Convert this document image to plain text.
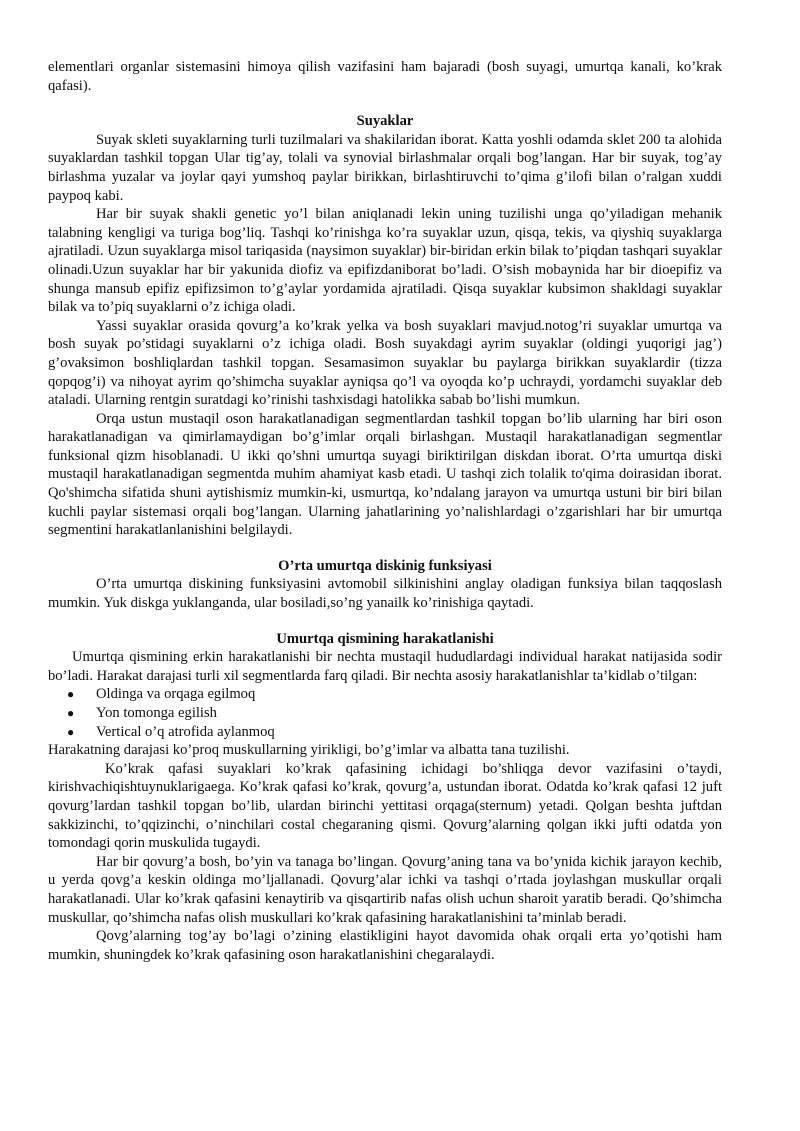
elementlari organlar sistemasini himoya qilish vazifasini ham bajaradi (bosh suyagi, umurtqa kanali, ko’krak qafasi).

Suyaklar

Suyak skleti suyaklarning turli tuzilmalari va shakilaridan iborat. Katta yoshli odamda sklet 200 ta alohida suyaklardan tashkil topgan Ular tig’ay, tolali va synovial birlashmalar orqali bog’langan. Har bir suyak, tog’ay birlashma yuzalar va joylar qayi yumshoq paylar birikkan, birlashtiruvchi to’qima g’ilofi bilan o’ralgan xuddi paypoq kabi.

Har bir suyak shakli genetic yo’l bilan aniqlanadi lekin uning tuzilishi unga qo’yiladigan mehanik talabning kengligi va turiga bog’liq. Tashqi ko’rinishga ko’ra suyaklar uzun, qisqa, tekis, va qiyshiq suyaklarga ajratiladi. Uzun suyaklarga misol tariqasida (naysimon suyaklar) bir-biridan erkin bilak to’piqdan tashqari suyaklar olinadi.Uzun suyaklar har bir yakunida diofiz va epifizdaniborat bo’ladi. O’sish mobaynida har bir dioepifiz va shunga mansub epifiz epifizsimon to’g’aylar yordamida ajratiladi. Qisqa suyaklar kubsimon shakldagi suyaklar bilak va to’piq suyaklarni o’z ichiga oladi.

Yassi suyaklar orasida qovurg’a ko’krak yelka va bosh suyaklari mavjud.notog’ri suyaklar umurtqa va bosh suyak po’stidagi suyaklarni o’z ichiga oladi. Bosh suyakdagi ayrim suyaklar (oldingi yuqorigi jag’) g’ovaksimon boshliqlardan tashkil topgan. Sesamasimon suyaklar bu paylarga birikkan suyaklardir (tizza qopqog’i) va nihoyat ayrim qo’shimcha suyaklar ayniqsa qo’l va oyoqda ko’p uchraydi, yordamchi suyaklar deb ataladi. Ularning rentgin suratdagi ko’rinishi tashxisdagi hatolikka sabab bo’lishi mumkun.

Orqa ustun mustaqil oson harakatlanadigan segmentlardan tashkil topgan bo’lib ularning har biri oson harakatlanadigan va qimirlamaydigan bo’g’imlar orqali birlashgan. Mustaqil harakatlanadigan segmentlar funksional qizm hisoblanadi. U ikki qo’shni umurtqa suyagi biriktirilgan diskdan iborat. O’rta umurtqa diski mustaqil harakatlanadigan segmentda muhim ahamiyat kasb etadi. U tashqi zich tolalik to'qima doirasidan iborat. Qo'shimcha sifatida shuni aytishismiz mumkin-ki, usmurtqa, ko’ndalang jarayon va umurtqa ustuni bir biri bilan kuchli paylar sistemasi orqali bog’langan. Ularning jahatlarining yo’nalishlardagi o’zgarishlari har bir umurtqa segmentini harakatlanlanishini belgilaydi.

O’rta umurtqa diskinig funksiyasi

O’rta umurtqa diskining funksiyasini avtomobil silkinishini anglay oladigan funksiya bilan taqqoslash mumkin. Yuk diskga yuklanganda, ular bosiladi,so’ng yanailk ko’rinishiga qaytadi.

Umurtqa qismining harakatlanishi

Umurtqa qismining erkin harakatlanishi bir nechta mustaqil hududlardagi individual harakat natijasida sodir bo’ladi. Harakat darajasi turli xil segmentlarda farq qiladi. Bir nechta asosiy harakatlanishlar ta’kidlab o’tilgan:

● Oldinga va orqaga egilmoq
● Yon tomonga egilish
● Vertical o’q atrofida aylanmoq

Harakatning darajasi ko’proq muskullarning yirikligi, bo’g’imlar va albatta tana tuzilishi.

Ko’krak qafasi suyaklari ko’krak qafasining ichidagi bo’shliqga devor vazifasini o’taydi, kirishvachiqishtuynuklarigaega. Ko’krak qafasi ko’krak, qovurg’a, ustundan iborat. Odatda ko’krak qafasi 12 juft qovurg’lardan tashkil topgan bo’lib, ulardan birinchi yettitasi orqaga(sternum) yetadi. Qolgan beshta juftdan sakkizinchi, to’qqizinchi, o’ninchilari costal chegaraning qismi. Qovurg’alarning qolgan ikki jufti odatda yon tomondagi qorin muskulida tugaydi.

Har bir qovurg’a bosh, bo’yin va tanaga bo’lingan. Qovurg’aning tana va bo’ynida kichik jarayon kechib, u yerda qovg’a keskin oldinga mo’ljallanadi. Qovurg’alar ichki va tashqi o’rtada joylashgan muskullar orqali harakatlanadi. Ular ko’krak qafasini kenaytirib va qisqartirib nafas olish uchun sharoit yaratib beradi. Qo’shimcha muskullar, qo’shimcha nafas olish muskullari ko’krak qafasining harakatlanishini ta’minlab beradi.

Qovg’alarning tog’ay bo’lagi o’zining elastikligini hayot davomida ohak orqali erta yo’qotishi ham mumkin, shuningdek ko’krak qafasining oson harakatlanishini chegaralaydi.
